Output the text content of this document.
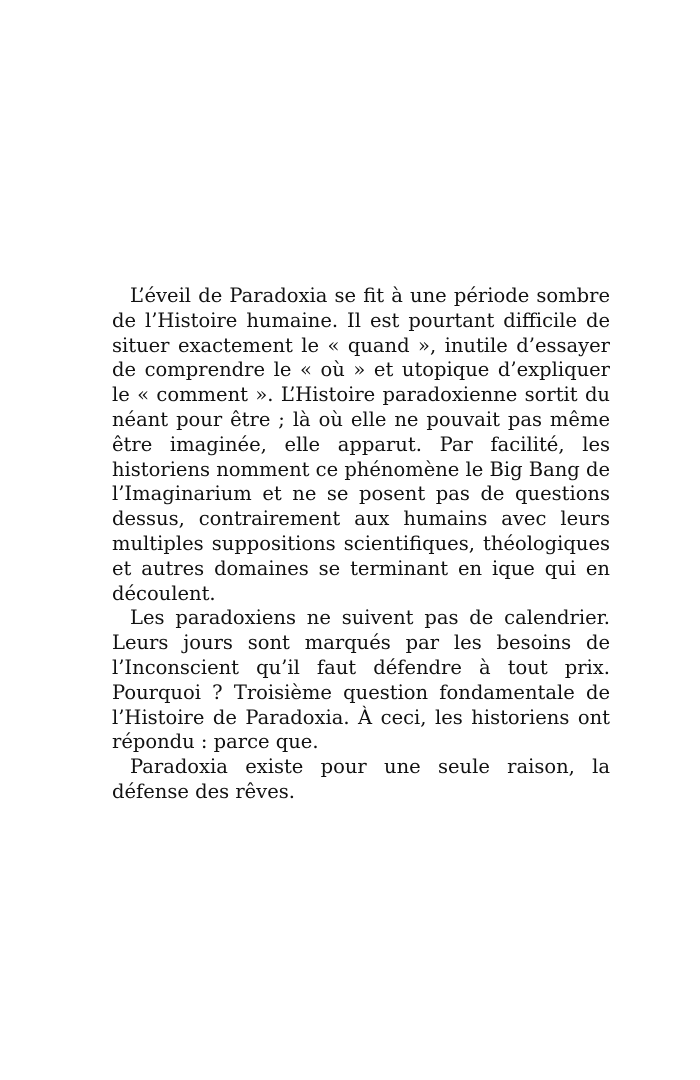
L’éveil de Paradoxia se fit à une période sombre de l’Histoire humaine. Il est pourtant difficile de situer exactement le « quand », inutile d’essayer de comprendre le « où » et utopique d’expliquer le « comment ». L’Histoire paradoxienne sortit du néant pour être ; là où elle ne pouvait pas même être imaginée, elle apparut. Par facilité, les historiens nomment ce phénomène le Big Bang de l’Imaginarium et ne se posent pas de questions dessus, contrairement aux humains avec leurs multiples suppositions scientifiques, théologiques et autres domaines se terminant en ique qui en découlent.

Les paradoxiens ne suivent pas de calendrier. Leurs jours sont marqués par les besoins de l’Inconscient qu’il faut défendre à tout prix. Pourquoi ? Troisième question fondamentale de l’Histoire de Paradoxia. À ceci, les historiens ont répondu : parce que.

Paradoxia existe pour une seule raison, la défense des rêves.
